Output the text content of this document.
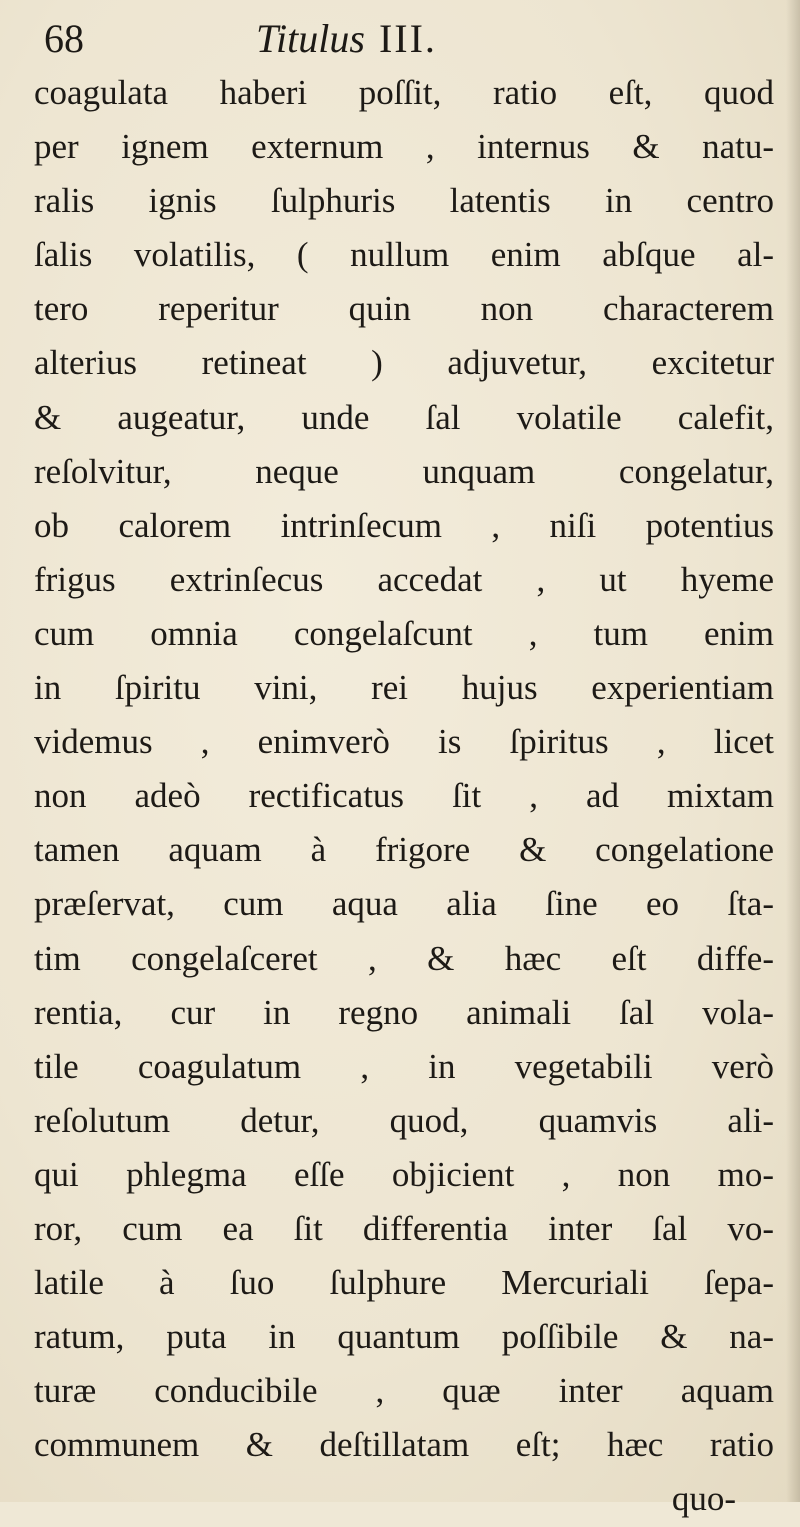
68	Titulus III.
coagulata haberi poſſit, ratio eſt, quod
per ignem externum , internus & natu-
ralis ignis ſulphuris latentis in centro
ſalis volatilis, ( nullum enim abſque al-
tero reperitur quin non characterem
alterius retineat ) adjuvetur, excitetur
& augeatur, unde ſal volatile calefit,
reſolvitur, neque unquam congelatur,
ob calorem intrinſecum , niſi potentius
frigus extrinſecus accedat , ut hyeme
cum omnia congelaſcunt , tum enim
in ſpiritu vini, rei hujus experientiam
videmus , enimverò is ſpiritus , licet
non adeò rectificatus ſit , ad mixtam
tamen aquam à frigore & congelatione
præſervat, cum aqua alia ſine eo ſta-
tim congelaſceret , & hæc eſt diffe-
rentia, cur in regno animali ſal vola-
tile coagulatum , in vegetabili verò
reſolutum detur, quod, quamvis ali-
qui phlegma eſſe objicient , non mo-
ror, cum ea ſit differentia inter ſal vo-
latile à ſuo ſulphure Mercuriali ſepa-
ratum, puta in quantum poſſibile & na-
turæ conducibile , quæ inter aquam
communem & deſtillatam eſt; hæc ratio
quo-
